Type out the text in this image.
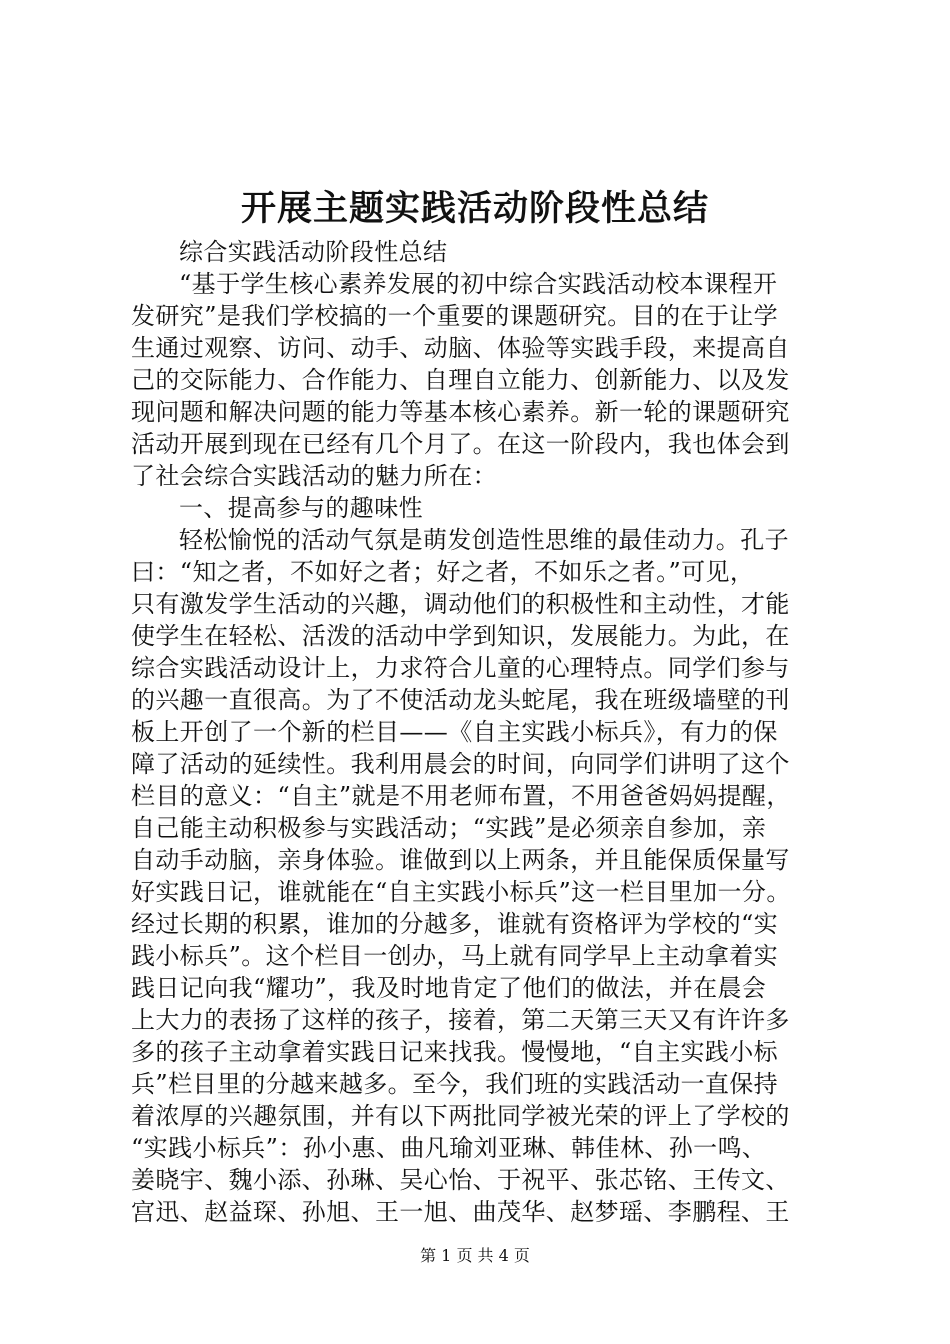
开展主题实践活动阶段性总结
综合实践活动阶段性总结
“基于学生核心素养发展的初中综合实践活动校本课程开
发研究”是我们学校搞的一个重要的课题研究。目的在于让学
生通过观察、访问、动手、动脑、体验等实践手段，来提高自
己的交际能力、合作能力、自理自立能力、创新能力、以及发
现问题和解决问题的能力等基本核心素养。新一轮的课题研究
活动开展到现在已经有几个月了。在这一阶段内，我也体会到
了社会综合实践活动的魅力所在：
一、提高参与的趣味性
轻松愉悦的活动气氛是萌发创造性思维的最佳动力。孔子
曰：“知之者，不如好之者；好之者，不如乐之者。”可见，
只有激发学生活动的兴趣，调动他们的积极性和主动性，才能
使学生在轻松、活泼的活动中学到知识，发展能力。为此，在
综合实践活动设计上，力求符合儿童的心理特点。同学们参与
的兴趣一直很高。为了不使活动龙头蛇尾，我在班级墙壁的刊
板上开创了一个新的栏目——《自主实践小标兵》，有力的保
障了活动的延续性。我利用晨会的时间，向同学们讲明了这个
栏目的意义：“自主”就是不用老师布置，不用爸爸妈妈提醒，
自己能主动积极参与实践活动；“实践”是必须亲自参加，亲
自动手动脑，亲身体验。谁做到以上两条，并且能保质保量写
好实践日记，谁就能在“自主实践小标兵”这一栏目里加一分。
经过长期的积累，谁加的分越多，谁就有资格评为学校的“实
践小标兵”。这个栏目一创办，马上就有同学早上主动拿着实
践日记向我“耀功”，我及时地肯定了他们的做法，并在晨会
上大力的表扬了这样的孩子，接着，第二天第三天又有许许多
多的孩子主动拿着实践日记来找我。慢慢地，“自主实践小标
兵”栏目里的分越来越多。至今，我们班的实践活动一直保持
着浓厚的兴趣氛围，并有以下两批同学被光荣的评上了学校的
“实践小标兵”：孙小惠、曲凡瑜刘亚琳、韩佳林、孙一鸣、
姜晓宇、魏小添、孙琳、吴心怡、于祝平、张芯铭、王传文、
宫迅、赵益琛、孙旭、王一旭、曲茂华、赵梦瑶、李鹏程、王
第 1 页 共 4 页
